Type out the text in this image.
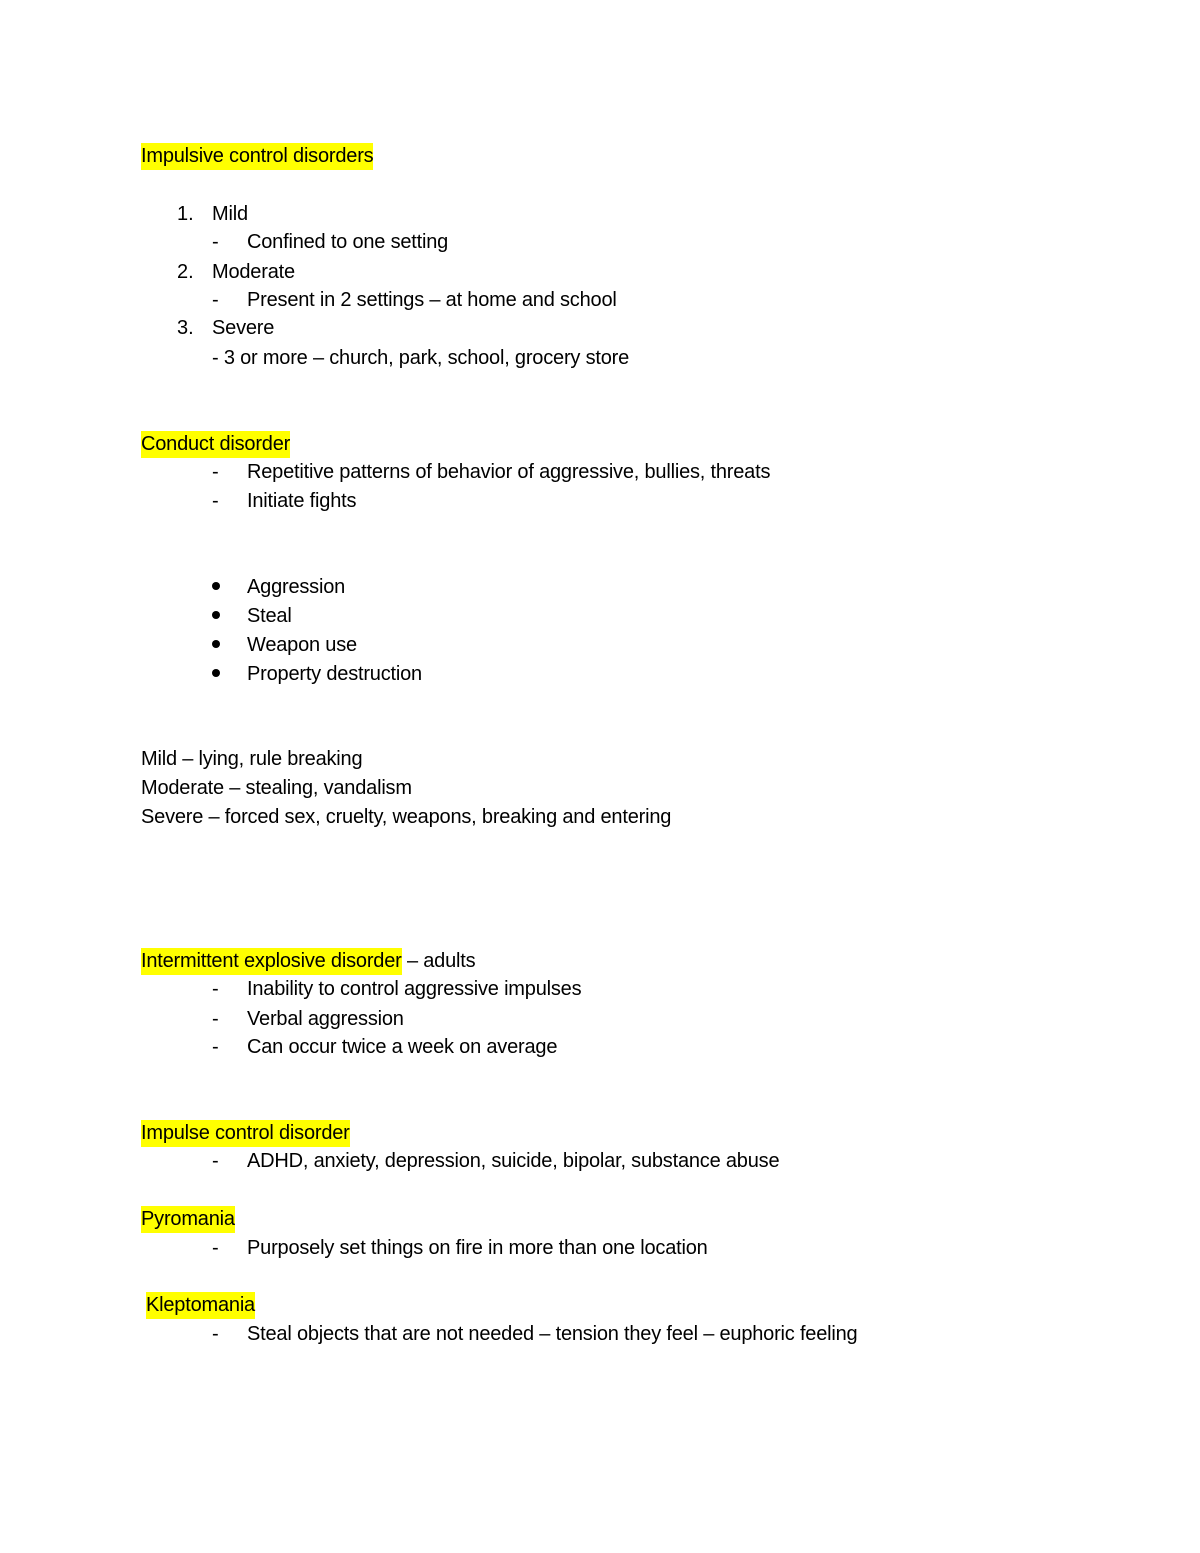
Impulsive control disorders
1. Mild
- Confined to one setting
2. Moderate
- Present in 2 settings – at home and school
3. Severe
- 3 or more – church, park, school, grocery store
Conduct disorder
- Repetitive patterns of behavior of aggressive, bullies, threats
- Initiate fights
Aggression
Steal
Weapon use
Property destruction
Mild – lying, rule breaking
Moderate – stealing, vandalism
Severe – forced sex, cruelty, weapons, breaking and entering
Intermittent explosive disorder – adults
- Inability to control aggressive impulses
- Verbal aggression
- Can occur twice a week on average
Impulse control disorder
- ADHD, anxiety, depression, suicide, bipolar, substance abuse
Pyromania
- Purposely set things on fire in more than one location
Kleptomania
- Steal objects that are not needed – tension they feel – euphoric feeling
